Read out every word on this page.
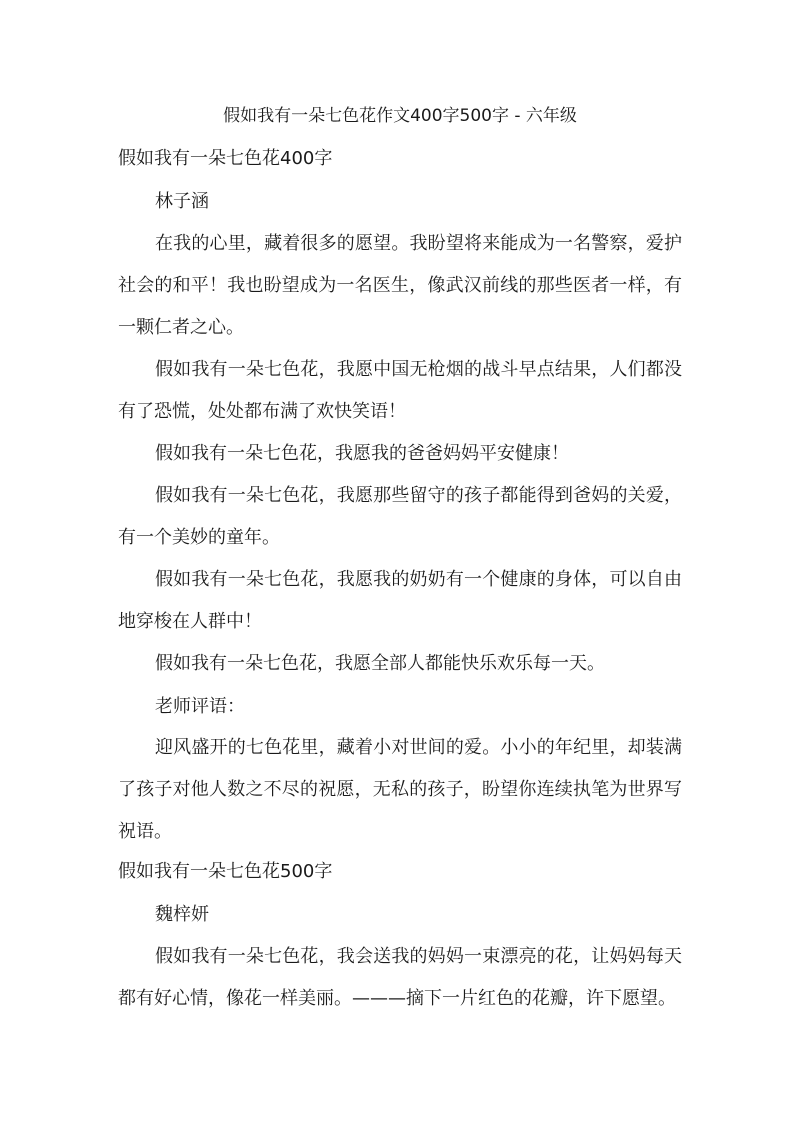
假如我有一朵七色花作文400字500字 - 六年级
假如我有一朵七色花400字
林子涵

在我的心里，藏着很多的愿望。我盼望将来能成为一名警察，爱护社会的和平！我也盼望成为一名医生，像武汉前线的那些医者一样，有一颗仁者之心。

假如我有一朵七色花，我愿中国无枪烟的战斗早点结果，人们都没有了恐慌，处处都布满了欢快笑语！

假如我有一朵七色花，我愿我的爸爸妈妈平安健康！

假如我有一朵七色花，我愿那些留守的孩子都能得到爸妈的关爱，有一个美妙的童年。

假如我有一朵七色花，我愿我的奶奶有一个健康的身体，可以自由地穿梭在人群中！

假如我有一朵七色花，我愿全部人都能快乐欢乐每一天。

老师评语：

迎风盛开的七色花里，藏着小对世间的爱。小小的年纪里，却装满了孩子对他人数之不尽的祝愿，无私的孩子，盼望你连续执笔为世界写祝语。

假如我有一朵七色花500字
魏梓妍

假如我有一朵七色花，我会送我的妈妈一束漂亮的花，让妈妈每天都有好心情，像花一样美丽。———摘下一片红色的花瓣，许下愿望。
